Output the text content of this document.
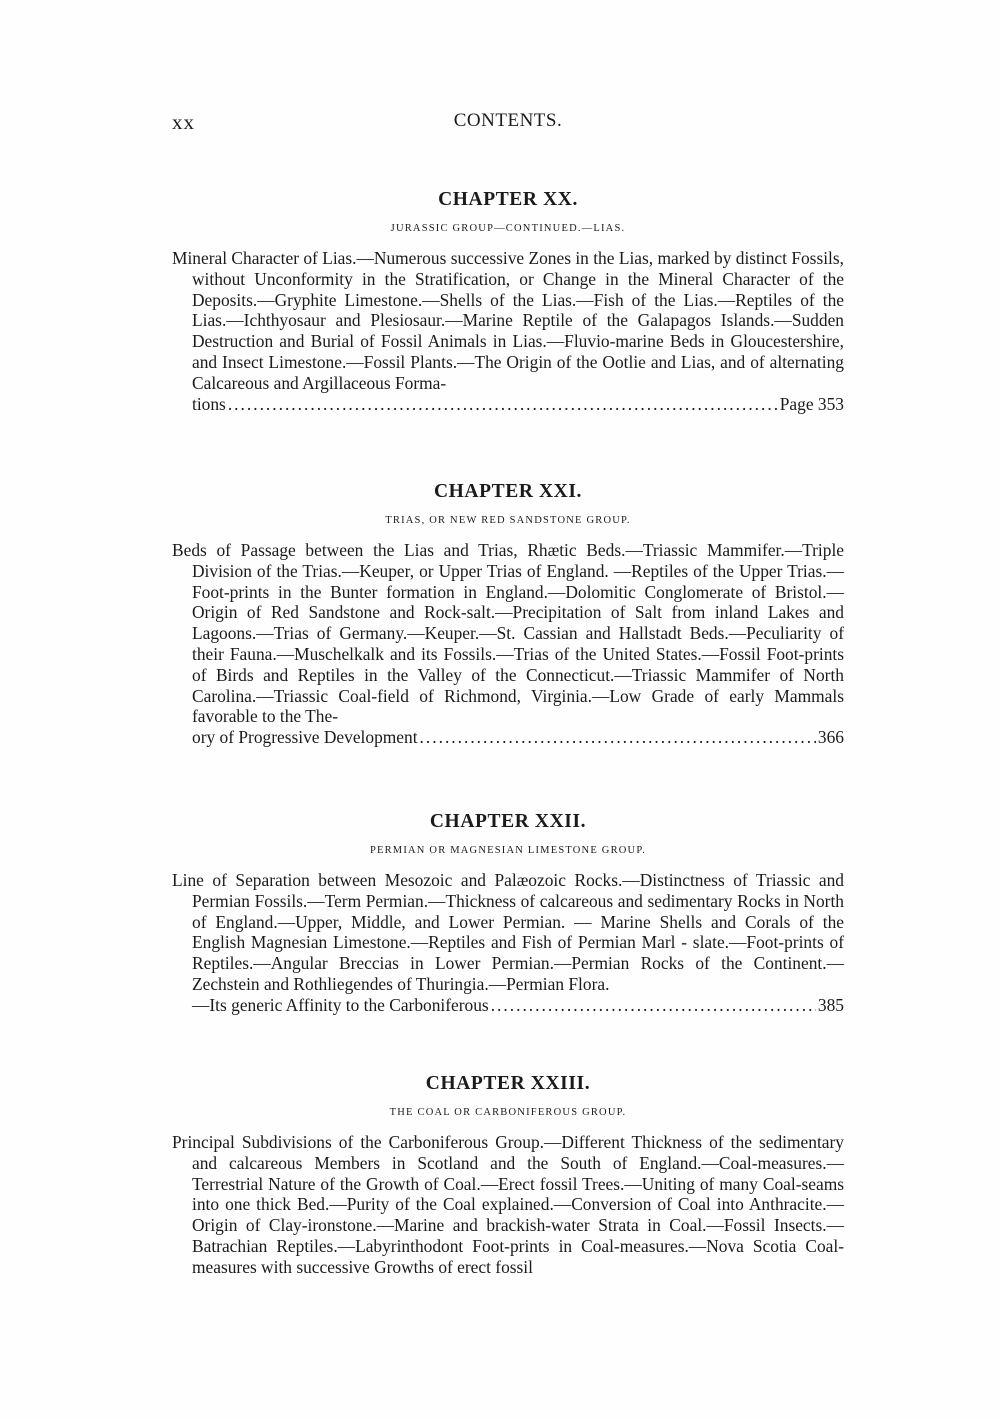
xx	CONTENTS.
CHAPTER XX.
JURASSIC GROUP—CONTINUED.—LIAS.
Mineral Character of Lias.—Numerous successive Zones in the Lias, marked by distinct Fossils, without Unconformity in the Stratification, or Change in the Mineral Character of the Deposits.—Gryphite Limestone.—Shells of the Lias.—Fish of the Lias.—Reptiles of the Lias.—Ichthyosaur and Plesiosaur.—Marine Reptile of the Galapagos Islands.—Sudden Destruction and Burial of Fossil Animals in Lias.—Fluvio-marine Beds in Gloucestershire, and Insect Limestone.—Fossil Plants.—The Origin of the Ootlie and Lias, and of alternating Calcareous and Argillaceous Forma-
tions .....	Page 353
CHAPTER XXI.
TRIAS, OR NEW RED SANDSTONE GROUP.
Beds of Passage between the Lias and Trias, Rhætic Beds.—Triassic Mammifer.—Triple Division of the Trias.—Keuper, or Upper Trias of England. —Reptiles of the Upper Trias.—Foot-prints in the Bunter formation in England.—Dolomitic Conglomerate of Bristol.—Origin of Red Sandstone and Rock-salt.—Precipitation of Salt from inland Lakes and Lagoons.—Trias of Germany.—Keuper.—St. Cassian and Hallstadt Beds.—Peculiarity of their Fauna.—Muschelkalk and its Fossils.—Trias of the United States.—Fossil Foot-prints of Birds and Reptiles in the Valley of the Connecticut.—Triassic Mammifer of North Carolina.—Triassic Coal-field of Richmond, Virginia.—Low Grade of early Mammals favorable to the The-
ory of Progressive Development .....	366
CHAPTER XXII.
PERMIAN OR MAGNESIAN LIMESTONE GROUP.
Line of Separation between Mesozoic and Palæozoic Rocks.—Distinctness of Triassic and Permian Fossils.—Term Permian.—Thickness of calcareous and sedimentary Rocks in North of England.—Upper, Middle, and Lower Permian. — Marine Shells and Corals of the English Magnesian Limestone.—Reptiles and Fish of Permian Marl - slate.—Foot-prints of Reptiles.—Angular Breccias in Lower Permian.—Permian Rocks of the Continent.—Zechstein and Rothliegendes of Thuringia.—Permian Flora.
—Its generic Affinity to the Carboniferous .....	385
CHAPTER XXIII.
THE COAL OR CARBONIFEROUS GROUP.
Principal Subdivisions of the Carboniferous Group.—Different Thickness of the sedimentary and calcareous Members in Scotland and the South of England.—Coal-measures.—Terrestrial Nature of the Growth of Coal.—Erect fossil Trees.—Uniting of many Coal-seams into one thick Bed.—Purity of the Coal explained.—Conversion of Coal into Anthracite.—Origin of Clay-ironstone.—Marine and brackish-water Strata in Coal.—Fossil Insects.—Batrachian Reptiles.—Labyrinthodont Foot-prints in Coal-measures.—Nova Scotia Coal-measures with successive Growths of erect fossil
